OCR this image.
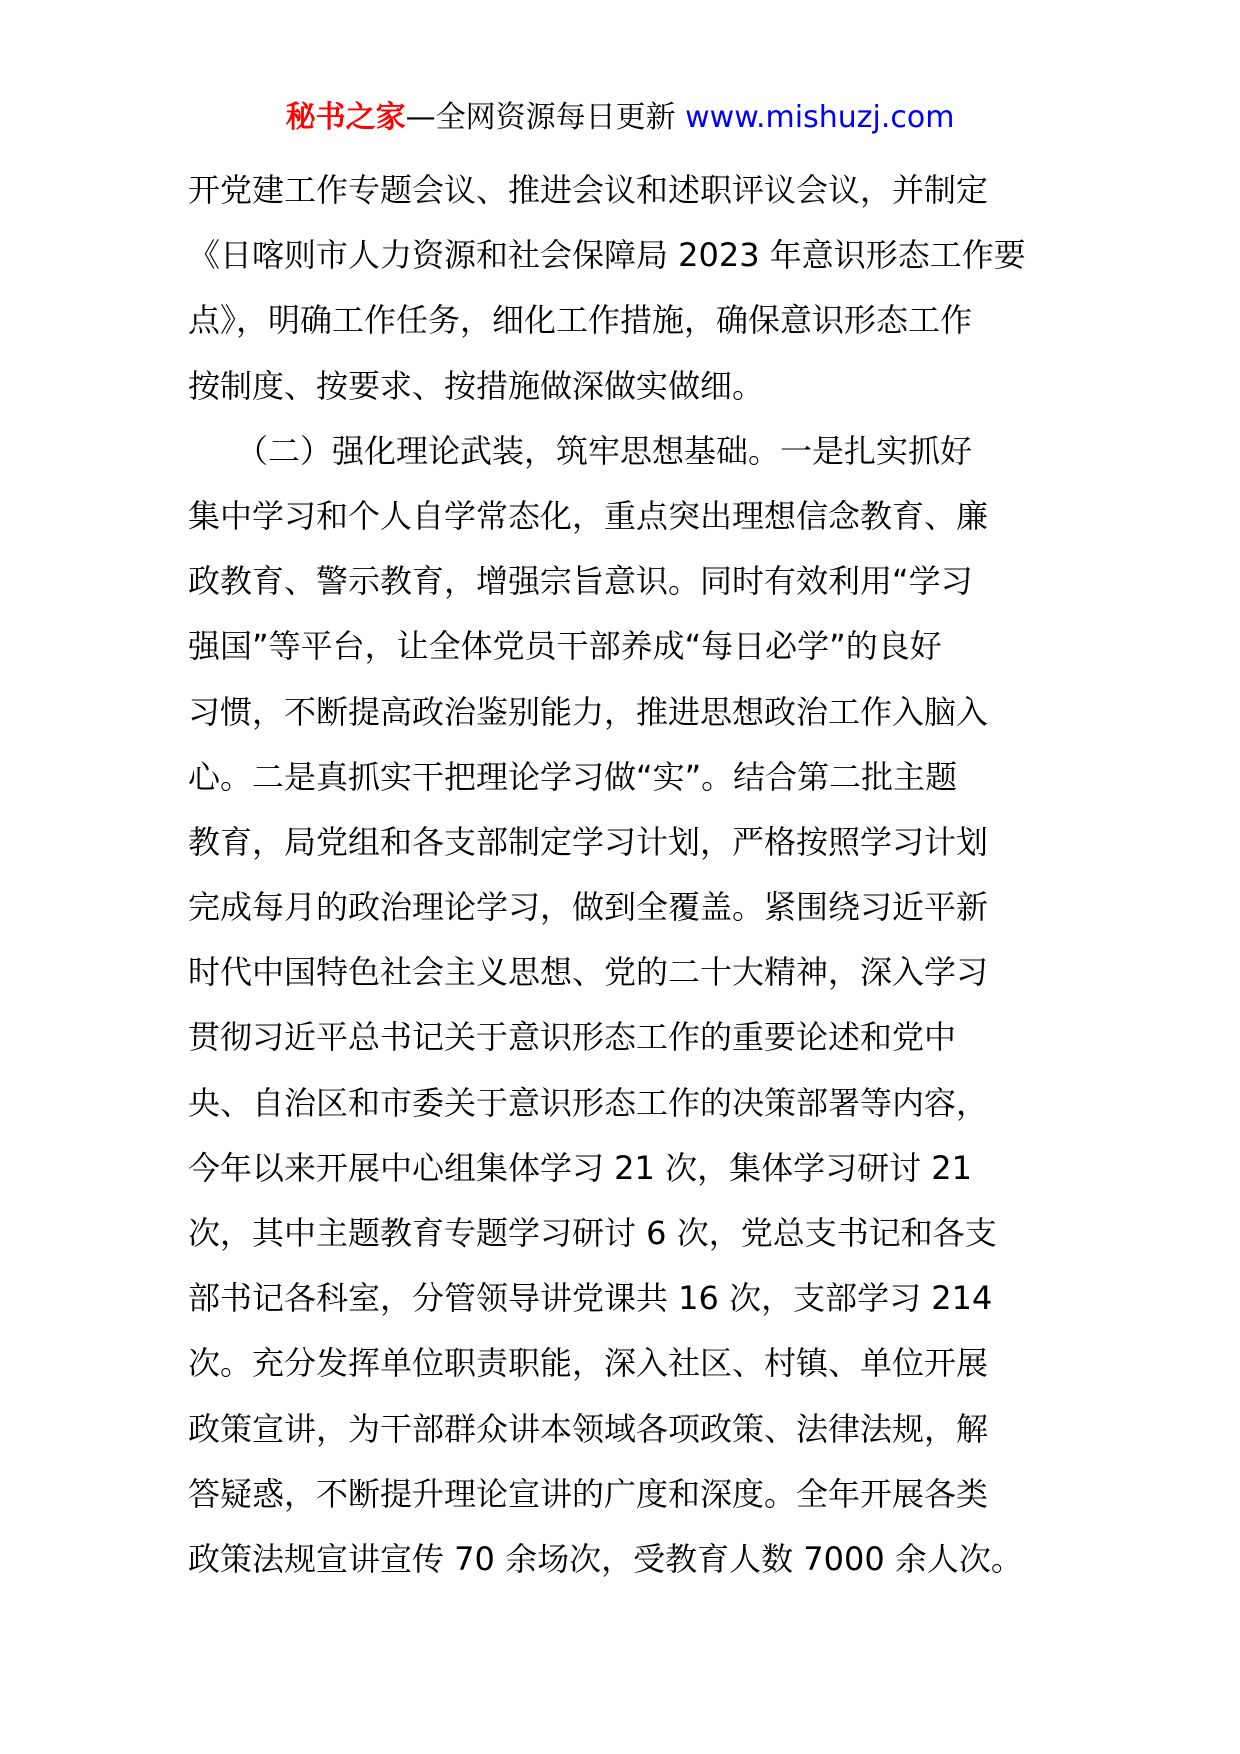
秘书之家—全网资源每日更新 www.mishuzj.com
开党建工作专题会议、推进会议和述职评议会议，并制定
《日喀则市人力资源和社会保障局 2023 年意识形态工作要
点》，明确工作任务，细化工作措施，确保意识形态工作
按制度、按要求、按措施做深做实做细。
　　（二）强化理论武装，筑牢思想基础。一是扎实抓好
集中学习和个人自学常态化，重点突出理想信念教育、廉
政教育、警示教育，增强宗旨意识。同时有效利用“学习
强国”等平台，让全体党员干部养成“每日必学”的良好
习惯，不断提高政治鉴别能力，推进思想政治工作入脑入
心。二是真抓实干把理论学习做“实”。结合第二批主题
教育，局党组和各支部制定学习计划，严格按照学习计划
完成每月的政治理论学习，做到全覆盖。紧围绕习近平新
时代中国特色社会主义思想、党的二十大精神，深入学习
贯彻习近平总书记关于意识形态工作的重要论述和党中
央、自治区和市委关于意识形态工作的决策部署等内容，
今年以来开展中心组集体学习 21 次，集体学习研讨 21
次，其中主题教育专题学习研讨 6 次，党总支书记和各支
部书记各科室，分管领导讲党课共 16 次，支部学习 214
次。充分发挥单位职责职能，深入社区、村镇、单位开展
政策宣讲，为干部群众讲本领域各项政策、法律法规，解
答疑惑，不断提升理论宣讲的广度和深度。全年开展各类
政策法规宣讲宣传 70 余场次，受教育人数 7000 余人次。
